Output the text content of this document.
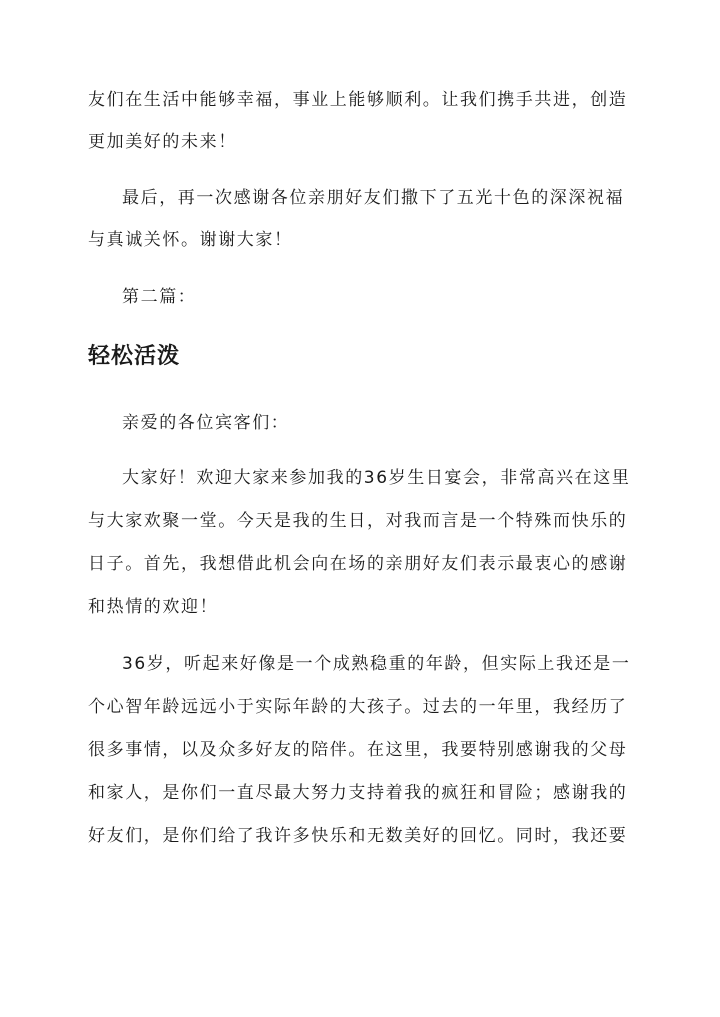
友们在生活中能够幸福，事业上能够顺利。让我们携手共进，创造
更加美好的未来！
最后，再一次感谢各位亲朋好友们撒下了五光十色的深深祝福
与真诚关怀。谢谢大家！
第二篇：
轻松活泼
亲爱的各位宾客们：
大家好！欢迎大家来参加我的36岁生日宴会，非常高兴在这里
与大家欢聚一堂。今天是我的生日，对我而言是一个特殊而快乐的
日子。首先，我想借此机会向在场的亲朋好友们表示最衷心的感谢
和热情的欢迎！
36岁，听起来好像是一个成熟稳重的年龄，但实际上我还是一
个心智年龄远远小于实际年龄的大孩子。过去的一年里，我经历了
很多事情，以及众多好友的陪伴。在这里，我要特别感谢我的父母
和家人，是你们一直尽最大努力支持着我的疯狂和冒险；感谢我的
好友们，是你们给了我许多快乐和无数美好的回忆。同时，我还要
